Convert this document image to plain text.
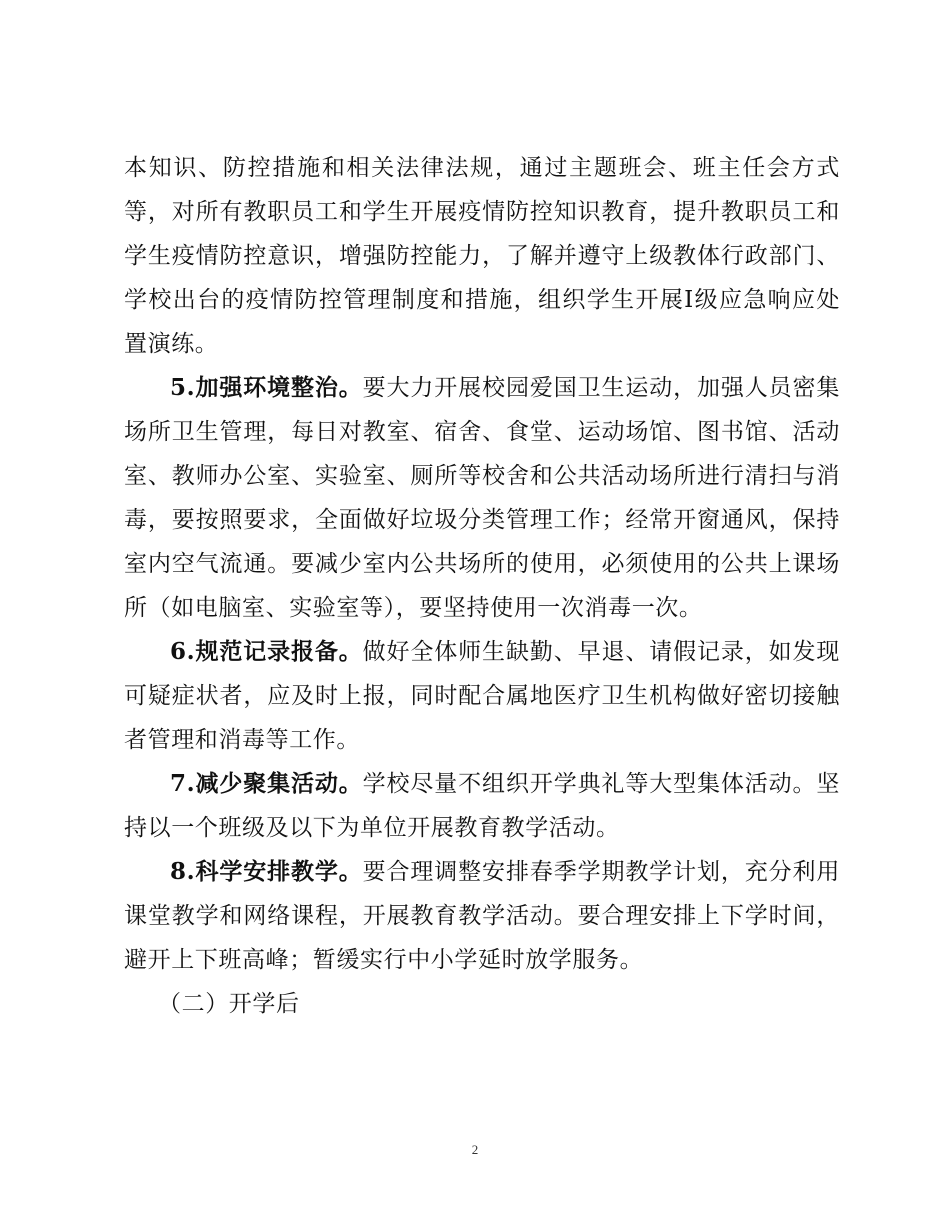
本知识、防控措施和相关法律法规，通过主题班会、班主任会方式等，对所有教职员工和学生开展疫情防控知识教育，提升教职员工和学生疫情防控意识，增强防控能力，了解并遵守上级教体行政部门、学校出台的疫情防控管理制度和措施，组织学生开展Ⅰ级应急响应处置演练。

5.加强环境整治。要大力开展校园爱国卫生运动，加强人员密集场所卫生管理，每日对教室、宿舍、食堂、运动场馆、图书馆、活动室、教师办公室、实验室、厕所等校舍和公共活动场所进行清扫与消毒，要按照要求，全面做好垃圾分类管理工作；经常开窗通风，保持室内空气流通。要减少室内公共场所的使用，必须使用的公共上课场所（如电脑室、实验室等），要坚持使用一次消毒一次。

6.规范记录报备。做好全体师生缺勤、早退、请假记录，如发现可疑症状者，应及时上报，同时配合属地医疗卫生机构做好密切接触者管理和消毒等工作。

7.减少聚集活动。学校尽量不组织开学典礼等大型集体活动。坚持以一个班级及以下为单位开展教育教学活动。

8.科学安排教学。要合理调整安排春季学期教学计划，充分利用课堂教学和网络课程，开展教育教学活动。要合理安排上下学时间，避开上下班高峰；暂缓实行中小学延时放学服务。

（二）开学后

2
